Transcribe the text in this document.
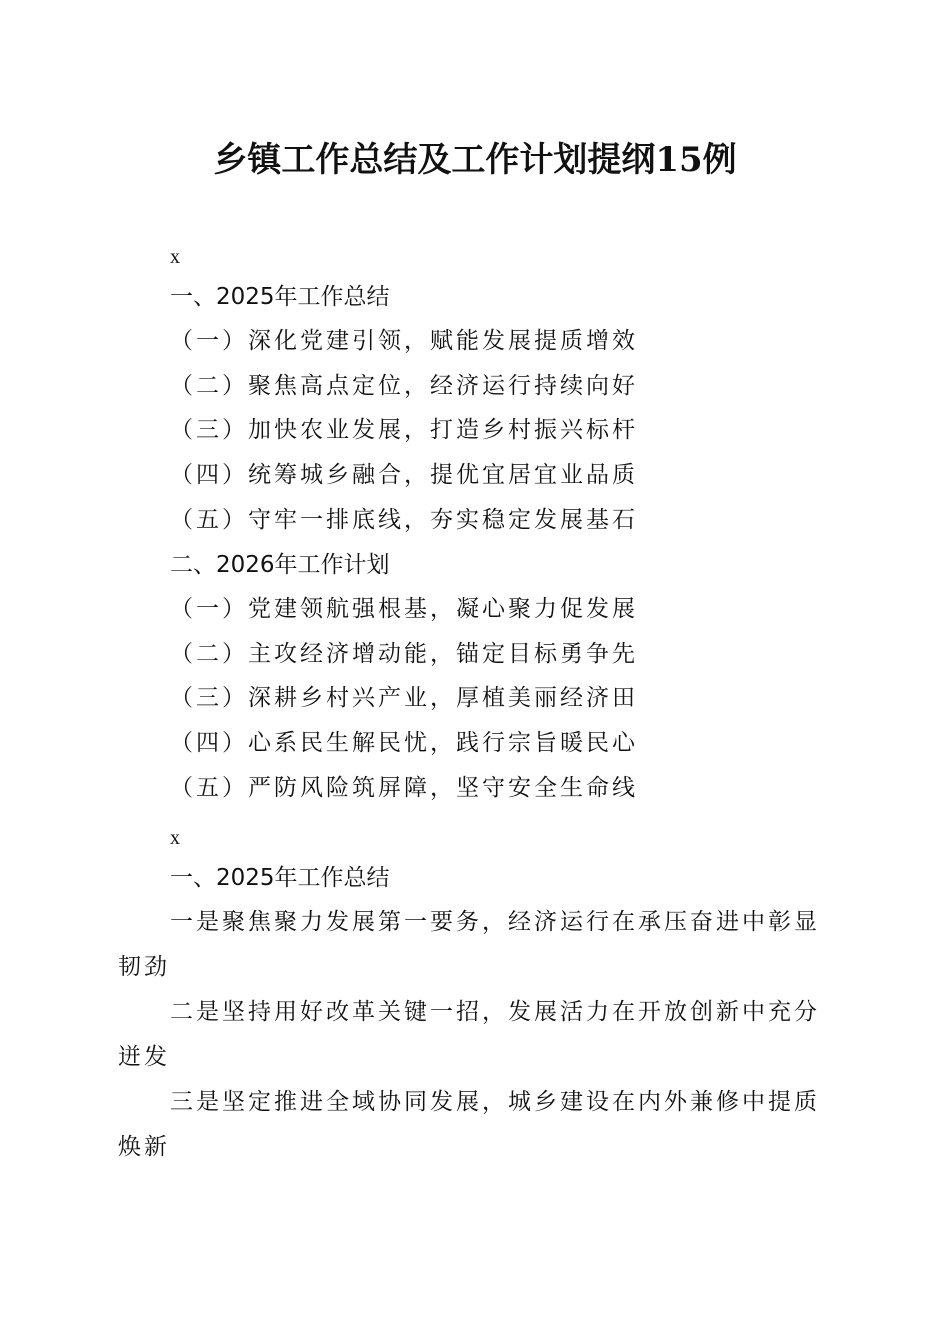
乡镇工作总结及工作计划提纲15例
x
一、2025年工作总结
（一）深化党建引领，赋能发展提质增效
（二）聚焦高点定位，经济运行持续向好
（三）加快农业发展，打造乡村振兴标杆
（四）统筹城乡融合，提优宜居宜业品质
（五）守牢一排底线，夯实稳定发展基石
二、2026年工作计划
（一）党建领航强根基，凝心聚力促发展
（二）主攻经济增动能，锚定目标勇争先
（三）深耕乡村兴产业，厚植美丽经济田
（四）心系民生解民忧，践行宗旨暖民心
（五）严防风险筑屏障，坚守安全生命线
x
一、2025年工作总结
一是聚焦聚力发展第一要务，经济运行在承压奋进中彰显韧劲
二是坚持用好改革关键一招，发展活力在开放创新中充分迸发
三是坚定推进全域协同发展，城乡建设在内外兼修中提质焕新
